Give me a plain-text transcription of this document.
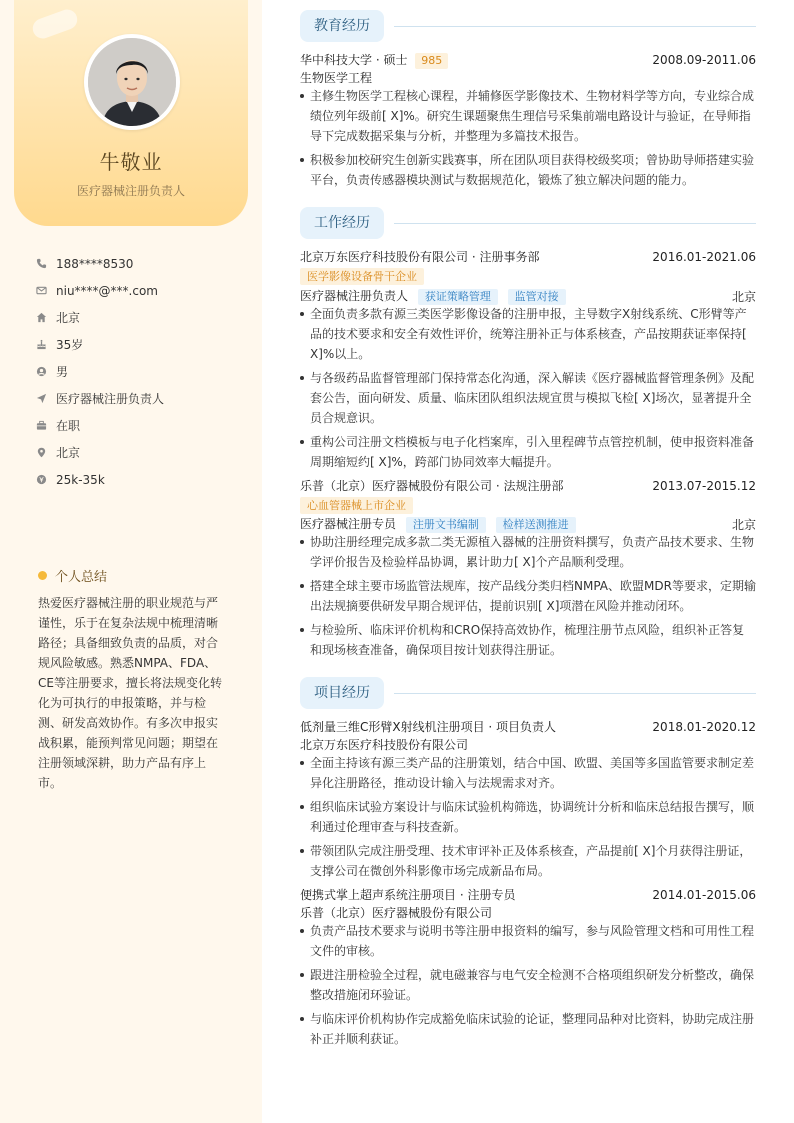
牛敬业
医疗器械注册负责人
188****8530
niu****@***.com
北京
35岁
男
医疗器械注册负责人
在职
北京
25k-35k
个人总结
热爱医疗器械注册的职业规范与严谨性，乐于在复杂法规中梳理清晰路径；具备细致负责的品质，对合规风险敏感。熟悉NMPA、FDA、CE等注册要求，擅长将法规变化转化为可执行的申报策略，并与检测、研发高效协作。有多次申报实战积累，能预判常见问题；期望在注册领域深耕，助力产品有序上市。
教育经历
华中科技大学 · 硕士 985	2008.09-2011.06
生物医学工程
主修生物医学工程核心课程，并辅修医学影像技术、生物材料学等方向，专业综合成绩位列年级前[ X]%。研究生课题聚焦生理信号采集前端电路设计与验证，在导师指导下完成数据采集与分析，并整理为多篇技术报告。
积极参加校研究生创新实践赛事，所在团队项目获得校级奖项；曾协助导师搭建实验平台，负责传感器模块测试与数据规范化，锻炼了独立解决问题的能力。
工作经历
北京万东医疗科技股份有限公司 · 注册事务部	2016.01-2021.06
医学影像设备骨干企业
医疗器械注册负责人 获证策略管理 监管对接	北京
全面负责多款有源三类医学影像设备的注册申报，主导数字X射线系统、C形臂等产品的技术要求和安全有效性评价，统筹注册补正与体系核查，产品按期获证率保持[ X]%以上。
与各级药品监督管理部门保持常态化沟通，深入解读《医疗器械监督管理条例》及配套公告，面向研发、质量、临床团队组织法规宣贯与模拟飞检[ X]场次，显著提升全员合规意识。
重构公司注册文档模板与电子化档案库，引入里程碑节点管控机制，使申报资料准备周期缩短约[ X]%，跨部门协同效率大幅提升。
乐普（北京）医疗器械股份有限公司 · 法规注册部	2013.07-2015.12
心血管器械上市企业
医疗器械注册专员 注册文书编制 检样送测推进	北京
协助注册经理完成多款二类无源植入器械的注册资料撰写，负责产品技术要求、生物学评价报告及检验样品协调，累计助力[ X]个产品顺利受理。
搭建全球主要市场监管法规库，按产品线分类归档NMPA、欧盟MDR等要求，定期输出法规摘要供研发早期合规评估，提前识别[ X]项潜在风险并推动闭环。
与检验所、临床评价机构和CRO保持高效协作，梳理注册节点风险，组织补正答复和现场核查准备，确保项目按计划获得注册证。
项目经历
低剂量三维C形臂X射线机注册项目 · 项目负责人	2018.01-2020.12
北京万东医疗科技股份有限公司
全面主持该有源三类产品的注册策划，结合中国、欧盟、美国等多国监管要求制定差异化注册路径，推动设计输入与法规需求对齐。
组织临床试验方案设计与临床试验机构筛选，协调统计分析和临床总结报告撰写，顺利通过伦理审查与科技查新。
带领团队完成注册受理、技术审评补正及体系核查，产品提前[ X]个月获得注册证，支撑公司在微创外科影像市场完成新品布局。
便携式掌上超声系统注册项目 · 注册专员	2014.01-2015.06
乐普（北京）医疗器械股份有限公司
负责产品技术要求与说明书等注册申报资料的编写，参与风险管理文档和可用性工程文件的审核。
跟进注册检验全过程，就电磁兼容与电气安全检测不合格项组织研发分析整改，确保整改措施闭环验证。
与临床评价机构协作完成豁免临床试验的论证，整理同品种对比资料，协助完成注册补正并顺利获证。
